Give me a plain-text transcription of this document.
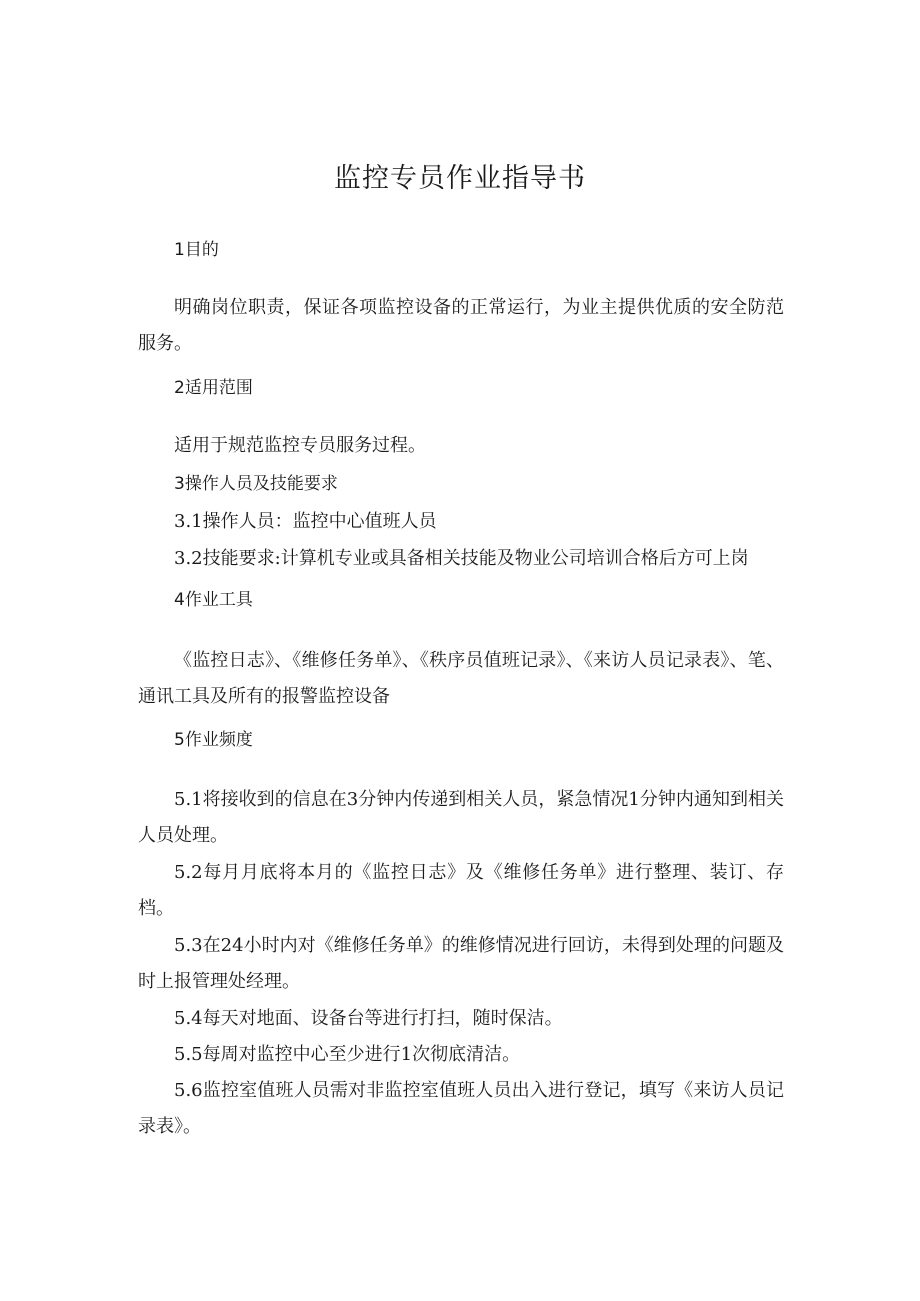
监控专员作业指导书
1目的
明确岗位职责，保证各项监控设备的正常运行，为业主提供优质的安全防范服务。
2适用范围
适用于规范监控专员服务过程。
3操作人员及技能要求
3.1操作人员：监控中心值班人员
3.2技能要求:计算机专业或具备相关技能及物业公司培训合格后方可上岗
4作业工具
《监控日志》、《维修任务单》、《秩序员值班记录》、《来访人员记录表》、笔、通讯工具及所有的报警监控设备
5作业频度
5.1将接收到的信息在3分钟内传递到相关人员，紧急情况1分钟内通知到相关人员处理。
5.2每月月底将本月的《监控日志》及《维修任务单》进行整理、装订、存档。
5.3在24小时内对《维修任务单》的维修情况进行回访，未得到处理的问题及时上报管理处经理。
5.4每天对地面、设备台等进行打扫，随时保洁。
5.5每周对监控中心至少进行1次彻底清洁。
5.6监控室值班人员需对非监控室值班人员出入进行登记，填写《来访人员记录表》。
